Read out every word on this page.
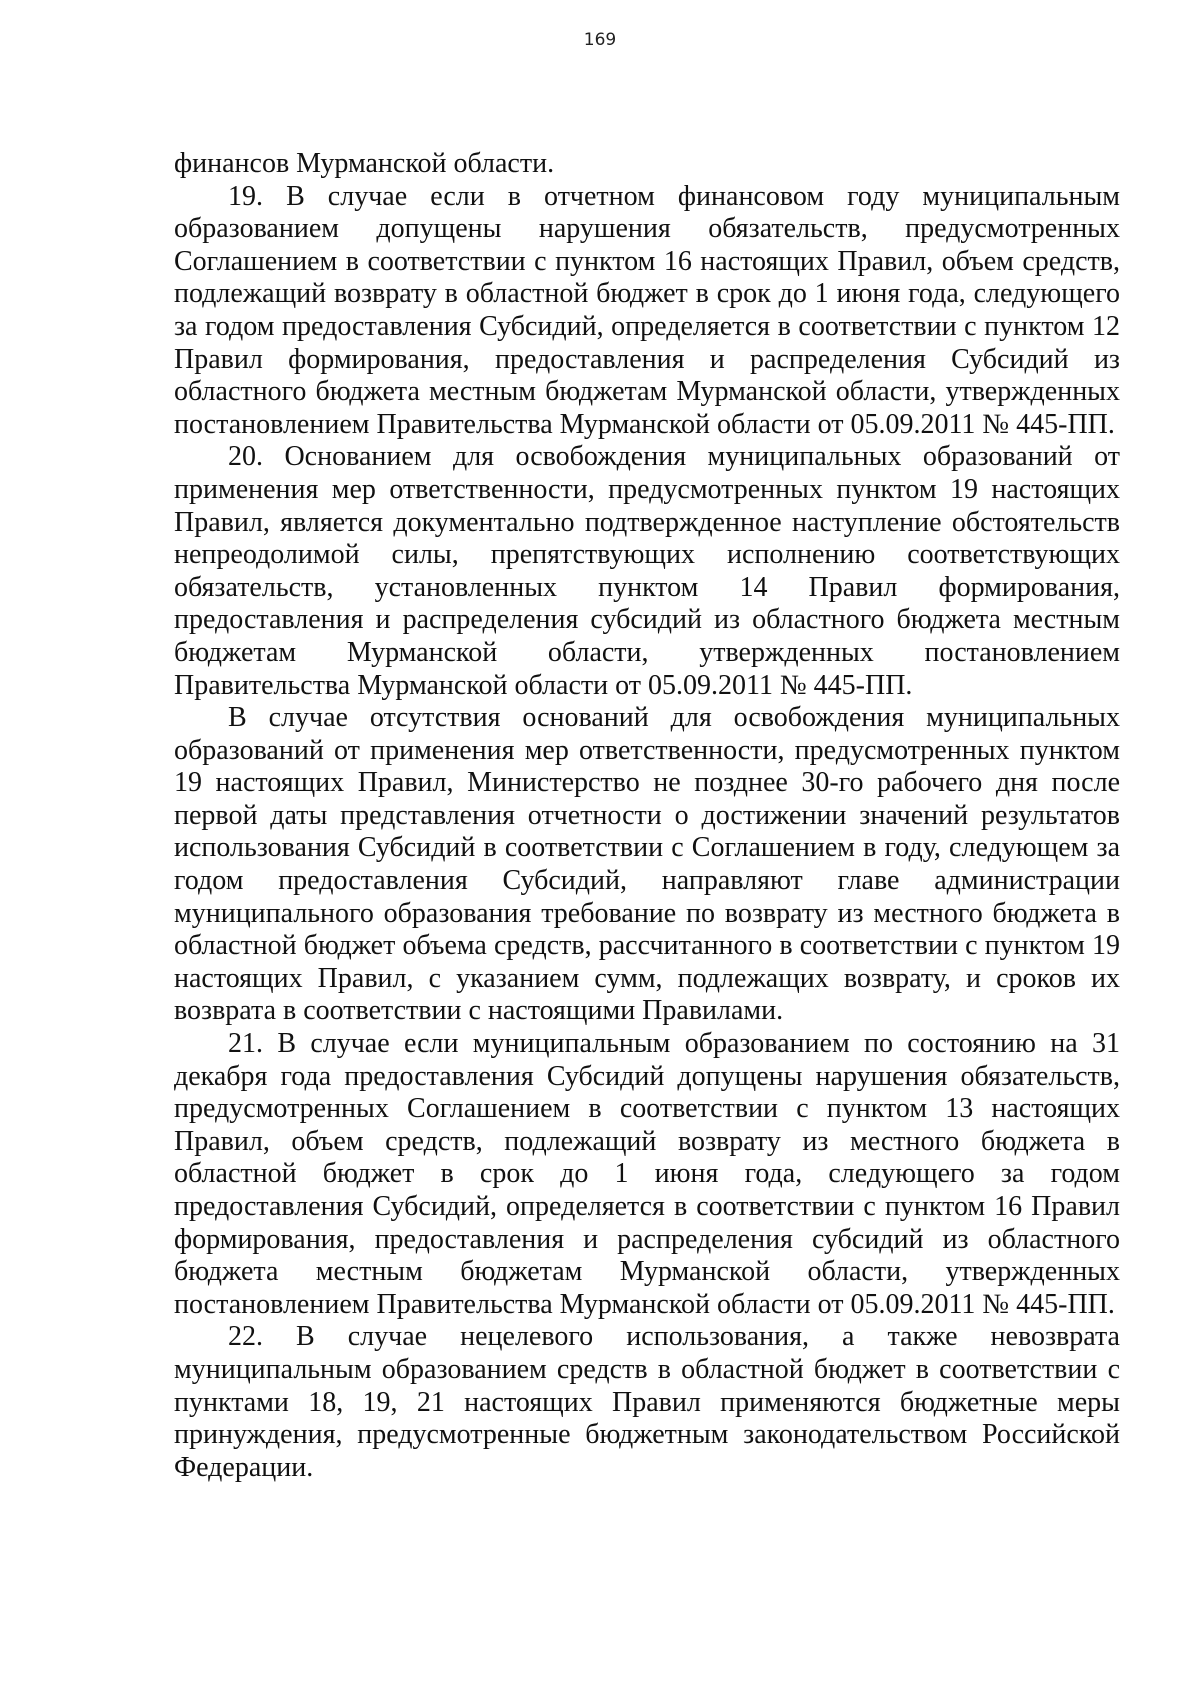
169

финансов Мурманской области.

19. В случае если в отчетном финансовом году муниципальным образованием допущены нарушения обязательств, предусмотренных Соглашением в соответствии с пунктом 16 настоящих Правил, объем средств, подлежащий возврату в областной бюджет в срок до 1 июня года, следующего за годом предоставления Субсидий, определяется в соответствии с пунктом 12 Правил формирования, предоставления и распределения Субсидий из областного бюджета местным бюджетам Мурманской области, утвержденных постановлением Правительства Мурманской области от 05.09.2011 № 445-ПП.

20. Основанием для освобождения муниципальных образований от применения мер ответственности, предусмотренных пунктом 19 настоящих Правил, является документально подтвержденное наступление обстоятельств непреодолимой силы, препятствующих исполнению соответствующих обязательств, установленных пунктом 14 Правил формирования, предоставления и распределения субсидий из областного бюджета местным бюджетам Мурманской области, утвержденных постановлением Правительства Мурманской области от 05.09.2011 № 445-ПП.

В случае отсутствия оснований для освобождения муниципальных образований от применения мер ответственности, предусмотренных пунктом 19 настоящих Правил, Министерство не позднее 30-го рабочего дня после первой даты представления отчетности о достижении значений результатов использования Субсидий в соответствии с Соглашением в году, следующем за годом предоставления Субсидий, направляют главе администрации муниципального образования требование по возврату из местного бюджета в областной бюджет объема средств, рассчитанного в соответствии с пунктом 19 настоящих Правил, с указанием сумм, подлежащих возврату, и сроков их возврата в соответствии с настоящими Правилами.

21. В случае если муниципальным образованием по состоянию на 31 декабря года предоставления Субсидий допущены нарушения обязательств, предусмотренных Соглашением в соответствии с пунктом 13 настоящих Правил, объем средств, подлежащий возврату из местного бюджета в областной бюджет в срок до 1 июня года, следующего за годом предоставления Субсидий, определяется в соответствии с пунктом 16 Правил формирования, предоставления и распределения субсидий из областного бюджета местным бюджетам Мурманской области, утвержденных постановлением Правительства Мурманской области от 05.09.2011 № 445-ПП.

22. В случае нецелевого использования, а также невозврата муниципальным образованием средств в областной бюджет в соответствии с пунктами 18, 19, 21 настоящих Правил применяются бюджетные меры принуждения, предусмотренные бюджетным законодательством Российской Федерации.
